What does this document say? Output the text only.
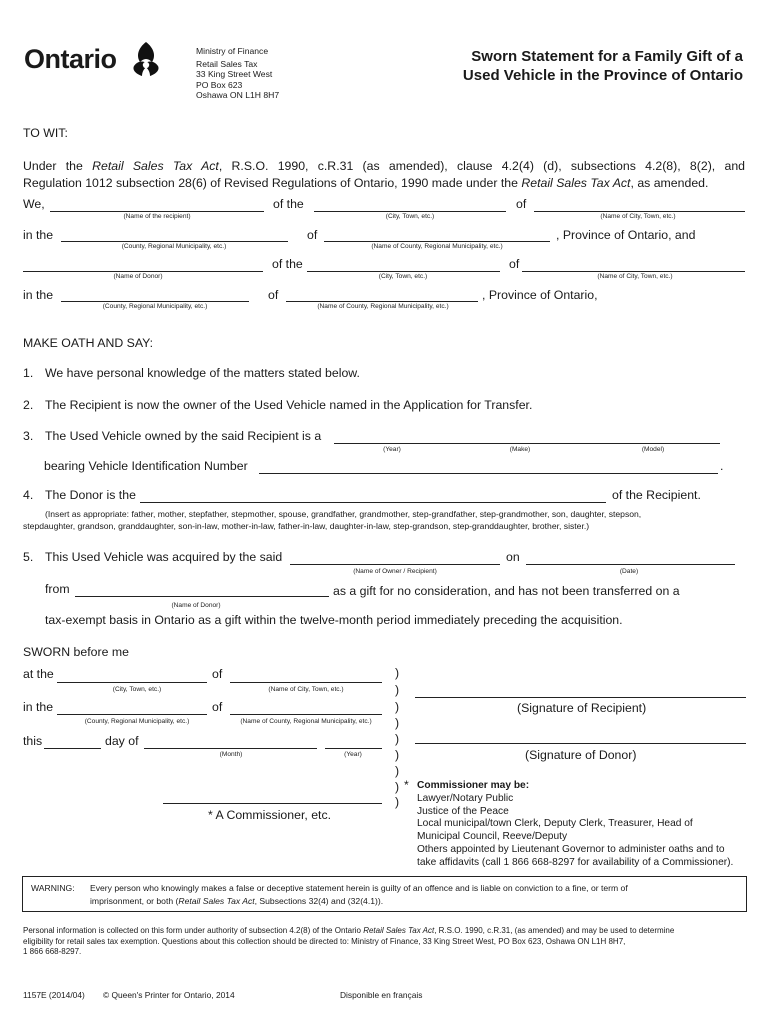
Ontario	Ministry of Finance
Retail Sales Tax
33 King Street West
PO Box 623
Oshawa ON L1H 8H7
Sworn Statement for a Family Gift of a
Used Vehicle in the Province of Ontario
TO WIT:
Under the Retail Sales Tax Act, R.S.O. 1990, c.R.31 (as amended), clause 4.2(4) (d), subsections 4.2(8), 8(2), and
Regulation 1012 subsection 28(6) of Revised Regulations of Ontario, 1990 made under the Retail Sales Tax Act, as amended.
We,
(Name of the recipient)
of the
(City, Town, etc.)
of
(Name of City, Town, etc.)
in the
(County, Regional Municipality, etc.)
of
(Name of County, Regional Municipality, etc.)
, Province of Ontario, and
(Name of Donor)
of the
(City, Town, etc.)
of
(Name of City, Town, etc.)
in the
(County, Regional Municipality, etc.)
of
(Name of County, Regional Municipality, etc.)
, Province of Ontario,
MAKE OATH AND SAY:
1. We have personal knowledge of the matters stated below.
2. The Recipient is now the owner of the Used Vehicle named in the Application for Transfer.
3. The Used Vehicle owned by the said Recipient is a
(Year)	(Make)	(Model)
bearing Vehicle Identification Number	.
4. The Donor is the	of the Recipient.
(Insert as appropriate: father, mother, stepfather, stepmother, spouse, grandfather, grandmother, step-grandfather, step-grandmother, son, daughter, stepson,
stepdaughter, grandson, granddaughter, son-in-law, mother-in-law, father-in-law, daughter-in-law, step-grandson, step-granddaughter, brother, sister.)
5. This Used Vehicle was acquired by the said
(Name of Owner / Recipient)
on
(Date)
from
(Name of Donor)
as a gift for no consideration, and has not been transferred on a
tax-exempt basis in Ontario as a gift within the twelve-month period immediately preceding the acquisition.
SWORN before me
at the
(City, Town, etc.)
of
(Name of City, Town, etc.)
in the
(County, Regional Municipality, etc.)
of
(Name of County, Regional Municipality, etc.)
this	day of
(Month)	(Year)
* A Commissioner, etc.
)
)
)
)
)
)
)
)
)
(Signature of Recipient)
(Signature of Donor)
* Commissioner may be:
Lawyer/Notary Public
Justice of the Peace
Local municipal/town Clerk, Deputy Clerk, Treasurer, Head of
Municipal Council, Reeve/Deputy
Others appointed by Lieutenant Governor to administer oaths and to
take affidavits (call 1 866 668-8297 for availability of a Commissioner).
WARNING: Every person who knowingly makes a false or deceptive statement herein is guilty of an offence and is liable on conviction to a fine, or term of
imprisonment, or both (Retail Sales Tax Act, Subsections 32(4) and (32(4.1)).
Personal information is collected on this form under authority of subsection 4.2(8) of the Ontario Retail Sales Tax Act, R.S.O. 1990, c.R.31, (as amended) and may be used to determine
eligibility for retail sales tax exemption. Questions about this collection should be directed to: Ministry of Finance, 33 King Street West, PO Box 623, Oshawa ON L1H 8H7,
1 866 668-8297.
1157E (2014/04) © Queen's Printer for Ontario, 2014	Disponible en français
